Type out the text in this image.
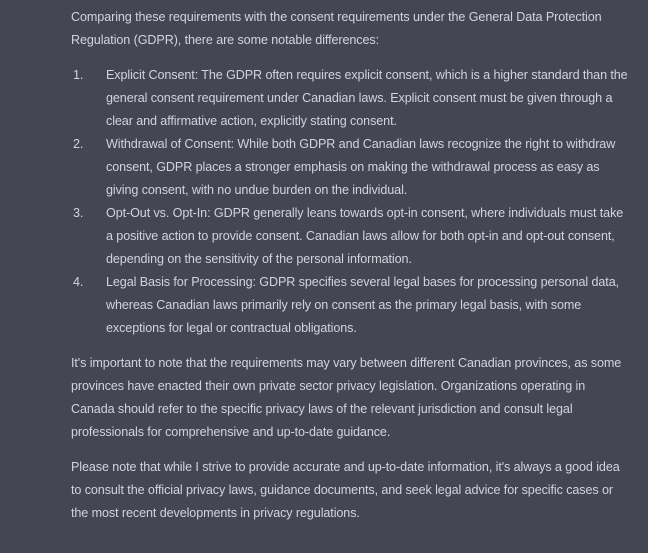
Comparing these requirements with the consent requirements under the General Data Protection Regulation (GDPR), there are some notable differences:

1.	Explicit Consent: The GDPR often requires explicit consent, which is a higher standard than the general consent requirement under Canadian laws. Explicit consent must be given through a clear and affirmative action, explicitly stating consent.
2.	Withdrawal of Consent: While both GDPR and Canadian laws recognize the right to withdraw consent, GDPR places a stronger emphasis on making the withdrawal process as easy as giving consent, with no undue burden on the individual.
3.	Opt-Out vs. Opt-In: GDPR generally leans towards opt-in consent, where individuals must take a positive action to provide consent. Canadian laws allow for both opt-in and opt-out consent, depending on the sensitivity of the personal information.
4.	Legal Basis for Processing: GDPR specifies several legal bases for processing personal data, whereas Canadian laws primarily rely on consent as the primary legal basis, with some exceptions for legal or contractual obligations.

It's important to note that the requirements may vary between different Canadian provinces, as some provinces have enacted their own private sector privacy legislation. Organizations operating in Canada should refer to the specific privacy laws of the relevant jurisdiction and consult legal professionals for comprehensive and up-to-date guidance.

Please note that while I strive to provide accurate and up-to-date information, it's always a good idea to consult the official privacy laws, guidance documents, and seek legal advice for specific cases or the most recent developments in privacy regulations.
